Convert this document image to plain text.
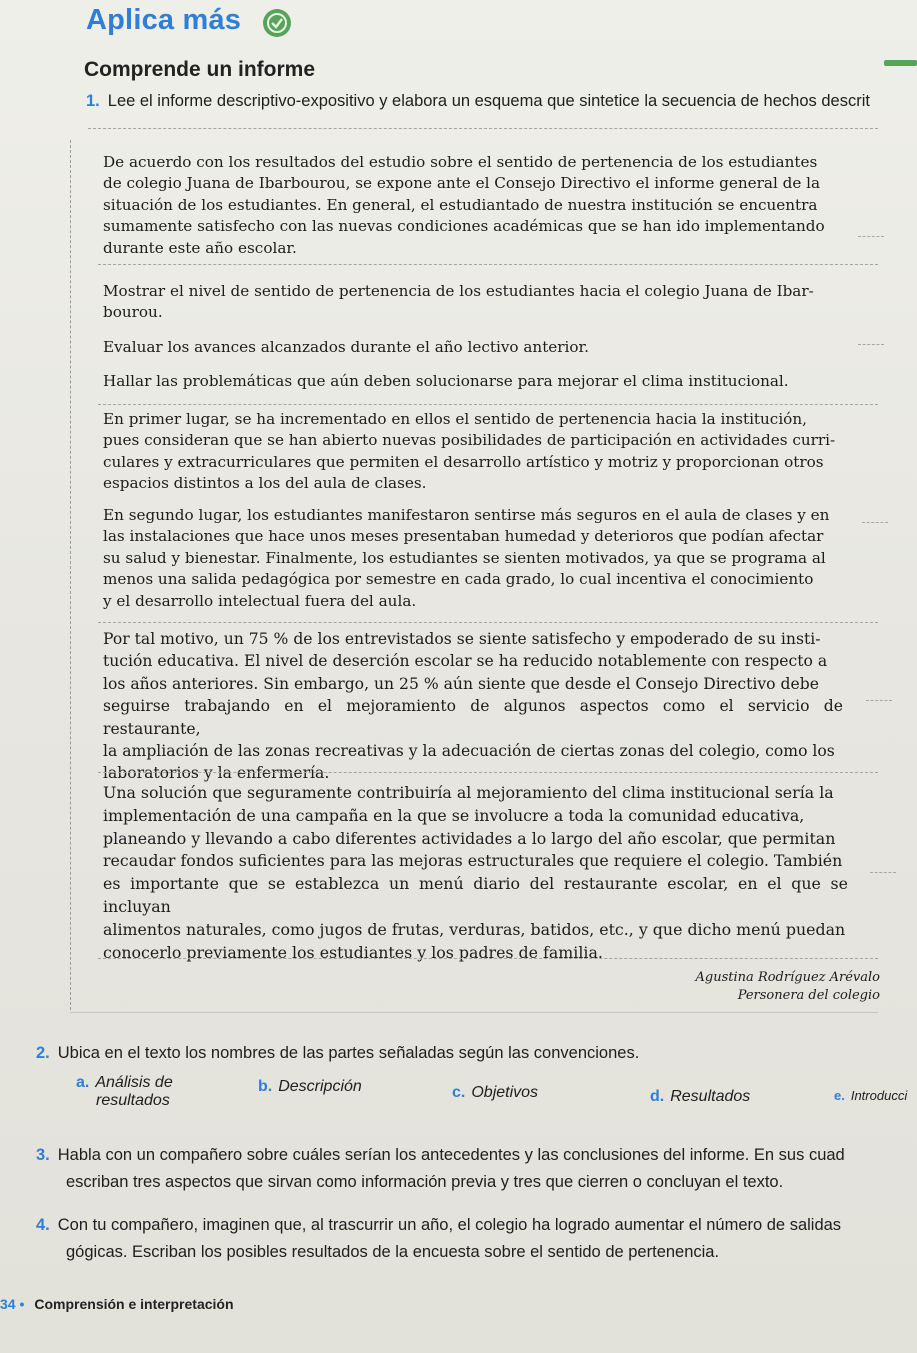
Aplica más
Comprende un informe
1. Lee el informe descriptivo-expositivo y elabora un esquema que sintetice la secuencia de hechos descrit

De acuerdo con los resultados del estudio sobre el sentido de pertenencia de los estudiantes

de colegio Juana de Ibarbourou, se expone ante el Consejo Directivo el informe general de la

situación de los estudiantes. En general, el estudiantado de nuestra institución se encuentra

sumamente satisfecho con las nuevas condiciones académicas que se han ido implementando

durante este año escolar.

Mostrar el nivel de sentido de pertenencia de los estudiantes hacia el colegio Juana de Ibar-

bourou.

Evaluar los avances alcanzados durante el año lectivo anterior.

Hallar las problemáticas que aún deben solucionarse para mejorar el clima institucional.

En primer lugar, se ha incrementado en ellos el sentido de pertenencia hacia la institución,

pues consideran que se han abierto nuevas posibilidades de participación en actividades curri-

culares y extracurriculares que permiten el desarrollo artístico y motriz y proporcionan otros

espacios distintos a los del aula de clases.

En segundo lugar, los estudiantes manifestaron sentirse más seguros en el aula de clases y en

las instalaciones que hace unos meses presentaban humedad y deterioros que podían afectar

su salud y bienestar. Finalmente, los estudiantes se sienten motivados, ya que se programa al

menos una salida pedagógica por semestre en cada grado, lo cual incentiva el conocimiento

y el desarrollo intelectual fuera del aula.

Por tal motivo, un 75 % de los entrevistados se siente satisfecho y empoderado de su insti-

tución educativa. El nivel de deserción escolar se ha reducido notablemente con respecto a

los años anteriores. Sin embargo, un 25 % aún siente que desde el Consejo Directivo debe

seguirse trabajando en el mejoramiento de algunos aspectos como el servicio de restaurante,

la ampliación de las zonas recreativas y la adecuación de ciertas zonas del colegio, como los

laboratorios y la enfermería.

Una solución que seguramente contribuiría al mejoramiento del clima institucional sería la

implementación de una campaña en la que se involucre a toda la comunidad educativa,

planeando y llevando a cabo diferentes actividades a lo largo del año escolar, que permitan

recaudar fondos suficientes para las mejoras estructurales que requiere el colegio. También

es importante que se establezca un menú diario del restaurante escolar, en el que se incluyan

alimentos naturales, como jugos de frutas, verduras, batidos, etc., y que dicho menú puedan

conocerlo previamente los estudiantes y los padres de familia.

Agustina Rodríguez Arévalo
Personera del colegio
2. Ubica en el texto los nombres de las partes señaladas según las convenciones.
a. Análisis de
resultados
b. Descripción	c. Objetivos	d. Resultados	e. Introducci
3. Habla con un compañero sobre cuáles serían los antecedentes y las conclusiones del informe. En sus cuad
escriban tres aspectos que sirvan como información previa y tres que cierren o concluyan el texto.
4. Con tu compañero, imaginen que, al trascurrir un año, el colegio ha logrado aumentar el número de salidas
gógicas. Escriban los posibles resultados de la encuesta sobre el sentido de pertenencia.
34 • Comprensión e interpretación
